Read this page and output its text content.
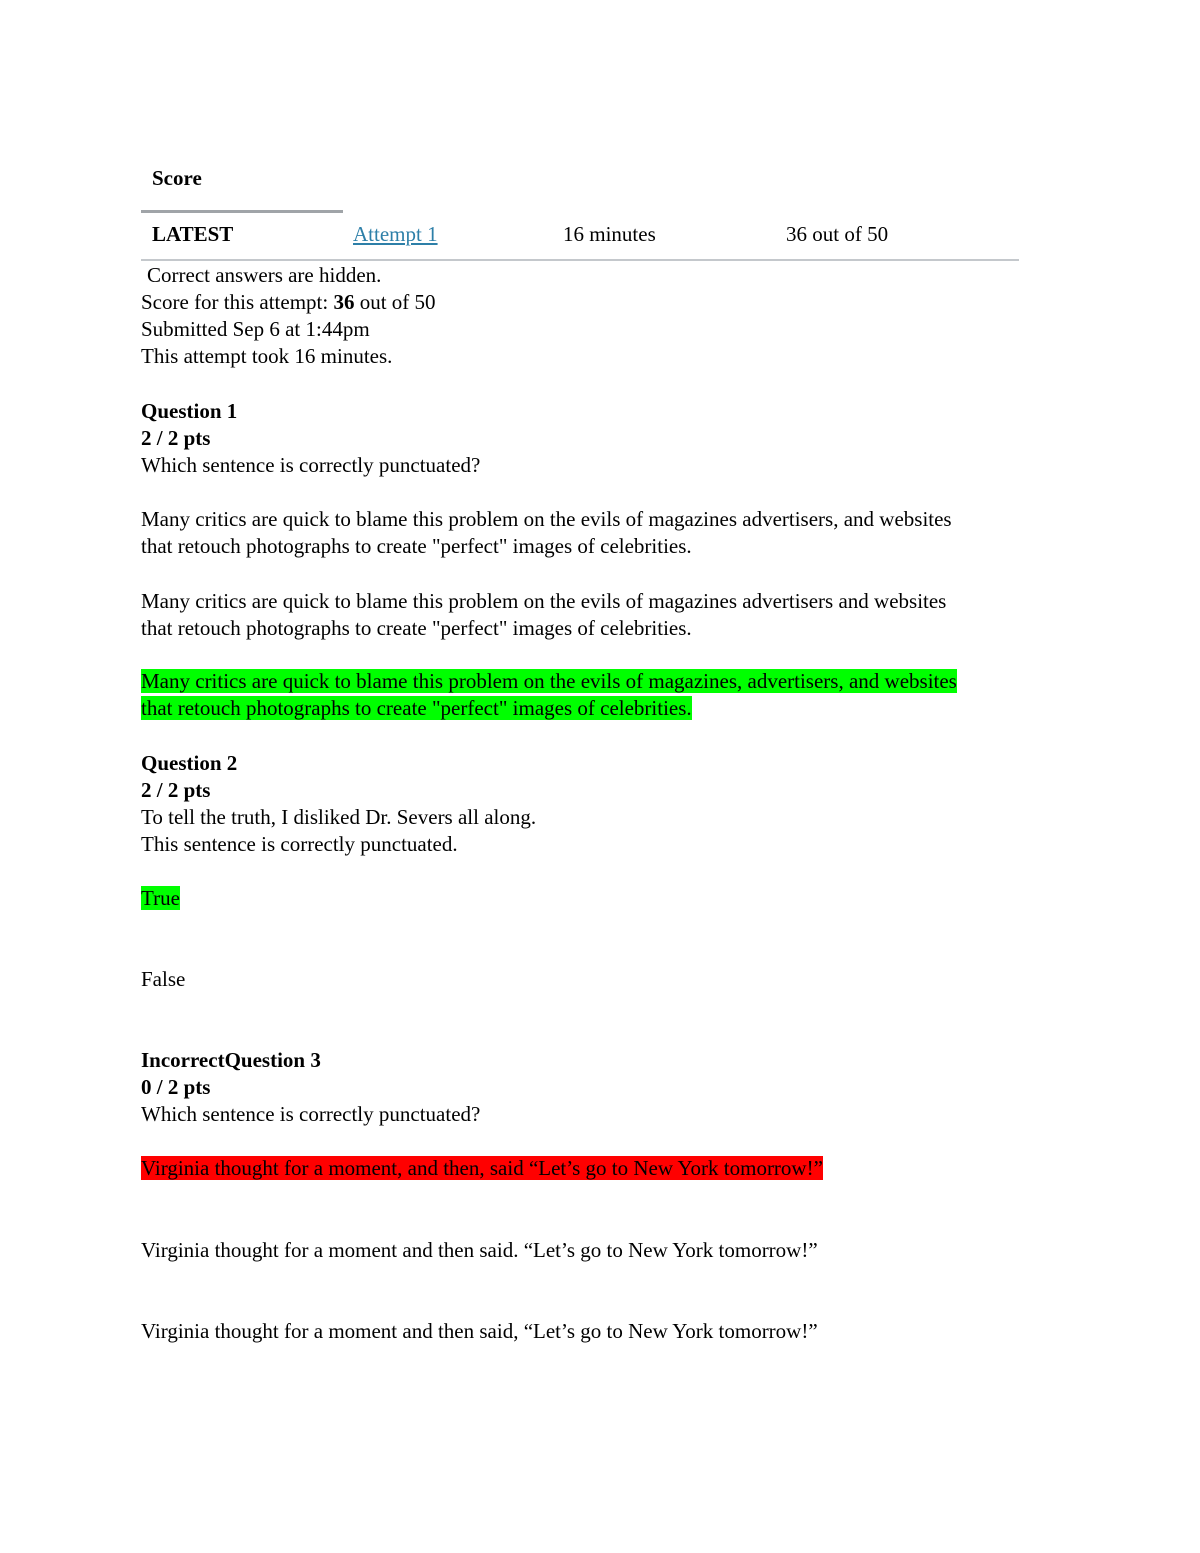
Score
LATEST	Attempt 1	16 minutes	36 out of 50
Correct answers are hidden.
Score for this attempt: 36 out of 50
Submitted Sep 6 at 1:44pm
This attempt took 16 minutes.
Question 1
2 / 2 pts
Which sentence is correctly punctuated?
Many critics are quick to blame this problem on the evils of magazines advertisers, and websites
that retouch photographs to create "perfect" images of celebrities.
Many critics are quick to blame this problem on the evils of magazines advertisers and websites
that retouch photographs to create "perfect" images of celebrities.
Many critics are quick to blame this problem on the evils of magazines, advertisers, and websites
that retouch photographs to create "perfect" images of celebrities.
Question 2
2 / 2 pts
To tell the truth, I disliked Dr. Severs all along.
This sentence is correctly punctuated.
True
False
IncorrectQuestion 3
0 / 2 pts
Which sentence is correctly punctuated?
Virginia thought for a moment, and then, said “Let’s go to New York tomorrow!”
Virginia thought for a moment and then said. “Let’s go to New York tomorrow!”
Virginia thought for a moment and then said, “Let’s go to New York tomorrow!”
